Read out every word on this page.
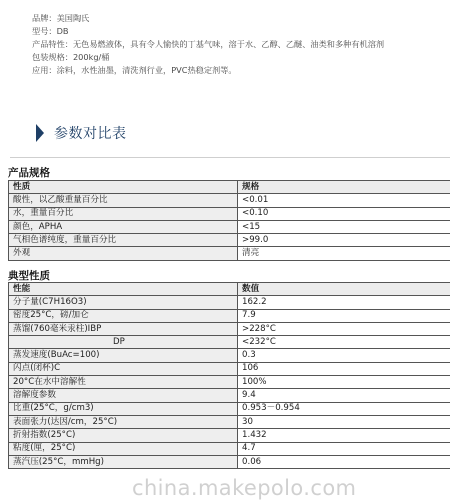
品牌：美国陶氏
型号：DB
产品特性：无色易燃液体，具有令人愉快的丁基气味，溶于水、乙醇、乙醚、油类和多种有机溶剂
包装规格：200kg/桶
应用：涂料，水性油墨，清洗剂行业，PVC热稳定剂等。
参数对比表
产品规格
性质	规格
酸性，以乙酸重量百分比	<0.01
水，重量百分比	<0.10
颜色，APHA	<15
气相色谱纯度，重量百分比	>99.0
外观	清亮
典型性质
性能	数值
分子量(C7H16O3)	162.2
密度25°C，磅/加仑	7.9
蒸馏(760毫米汞柱)IBP	>228°C
DP	<232°C
蒸发速度(BuAc=100)	0.3
闪点(闭杯)C	106
20°C在水中溶解性	100%
溶解度参数	9.4
比重(25°C，g/cm3)	0.953－0.954
表面张力(达因/cm，25°C)	30
折射指数(25°C)	1.432
粘度(厘，25°C)	4.7
蒸汽压(25°C，mmHg)	0.06
china.makepolo.com
